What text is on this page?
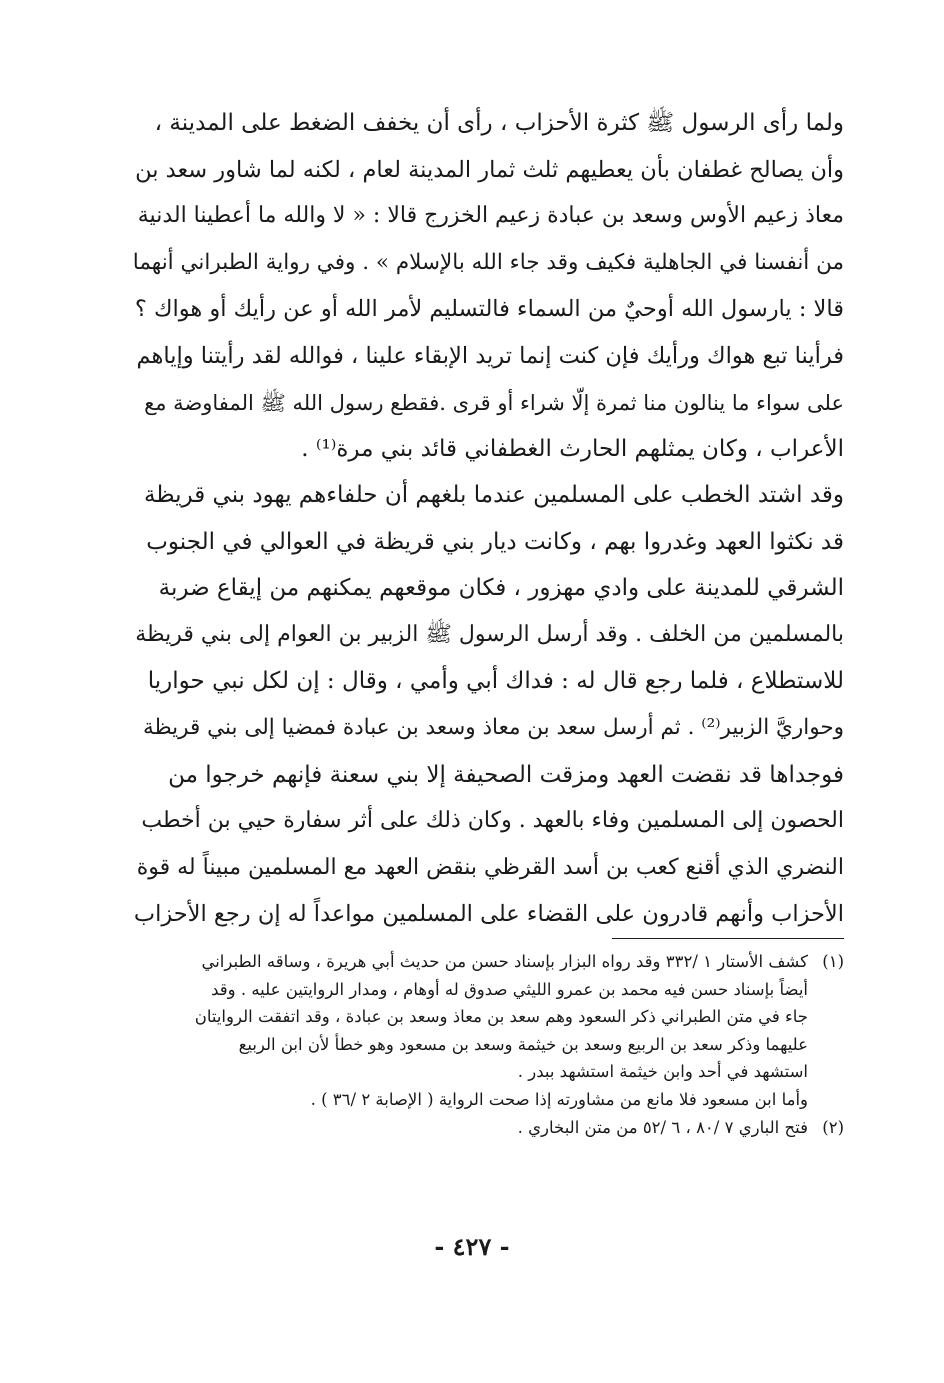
ولما رأى الرسول ﷺ كثرة الأحزاب ، رأى أن يخفف الضغط على المدينة ،
وأن يصالح غطفان بأن يعطيهم ثلث ثمار المدينة لعام ، لكنه لما شاور سعد بن
معاذ زعيم الأوس وسعد بن عبادة زعيم الخزرج قالا : « لا والله ما أعطينا الدنية
من أنفسنا في الجاهلية فكيف وقد جاء الله بالإسلام » . وفي رواية الطبراني أنهما
قالا : يارسول الله أوحيٌ من السماء فالتسليم لأمر الله أو عن رأيك أو هواك ؟
فرأينا تبع هواك ورأيك فإن كنت إنما تريد الإبقاء علينا ، فوالله لقد رأيتنا وإياهم
على سواء ما ينالون منا ثمرة إلّا شراء أو قرى .فقطع رسول الله ﷺ المفاوضة مع
الأعراب ، وكان يمثلهم الحارث الغطفاني قائد بني مرة⁽¹⁾ .
وقد اشتد الخطب على المسلمين عندما بلغهم أن حلفاءهم يهود بني قريظة
قد نكثوا العهد وغدروا بهم ، وكانت ديار بني قريظة في العوالي في الجنوب
الشرقي للمدينة على وادي مهزور ، فكان موقعهم يمكنهم من إيقاع ضربة
بالمسلمين من الخلف . وقد أرسل الرسول ﷺ الزبير بن العوام إلى بني قريظة
للاستطلاع ، فلما رجع قال له : فداك أبي وأمي ، وقال : إن لكل نبي حواريا
وحواريَّ الزبير⁽²⁾ . ثم أرسل سعد بن معاذ وسعد بن عبادة فمضيا إلى بني قريظة
فوجداها قد نقضت العهد ومزقت الصحيفة إلا بني سعنة فإنهم خرجوا من
الحصون إلى المسلمين وفاء بالعهد . وكان ذلك على أثر سفارة حيي بن أخطب
النضري الذي أقنع كعب بن أسد القرظي بنقض العهد مع المسلمين مبيناً له قوة
الأحزاب وأنهم قادرون على القضاء على المسلمين مواعداً له إن رجع الأحزاب
(١)
كشف الأستار ١ /٣٣٢ وقد رواه البزار بإسناد حسن من حديث أبي هريرة ، وساقه الطبراني
أيضاً بإسناد حسن فيه محمد بن عمرو الليثي صدوق له أوهام ، ومدار الروايتين عليه . وقد
جاء في متن الطبراني ذكر السعود وهم سعد بن معاذ وسعد بن عبادة ، وقد اتفقت الروايتان
عليهما وذكر سعد بن الربيع وسعد بن خيثمة وسعد بن مسعود وهو خطأ لأن ابن الربيع
استشهد في أحد وابن خيثمة استشهد ببدر .
وأما ابن مسعود فلا مانع من مشاورته إذا صحت الرواية ( الإصابة ٢ /٣٦ ) .
(٢)
فتح الباري ٧ /٨٠ ، ٦ /٥٢ من متن البخاري .
- ٤٢٧ -
